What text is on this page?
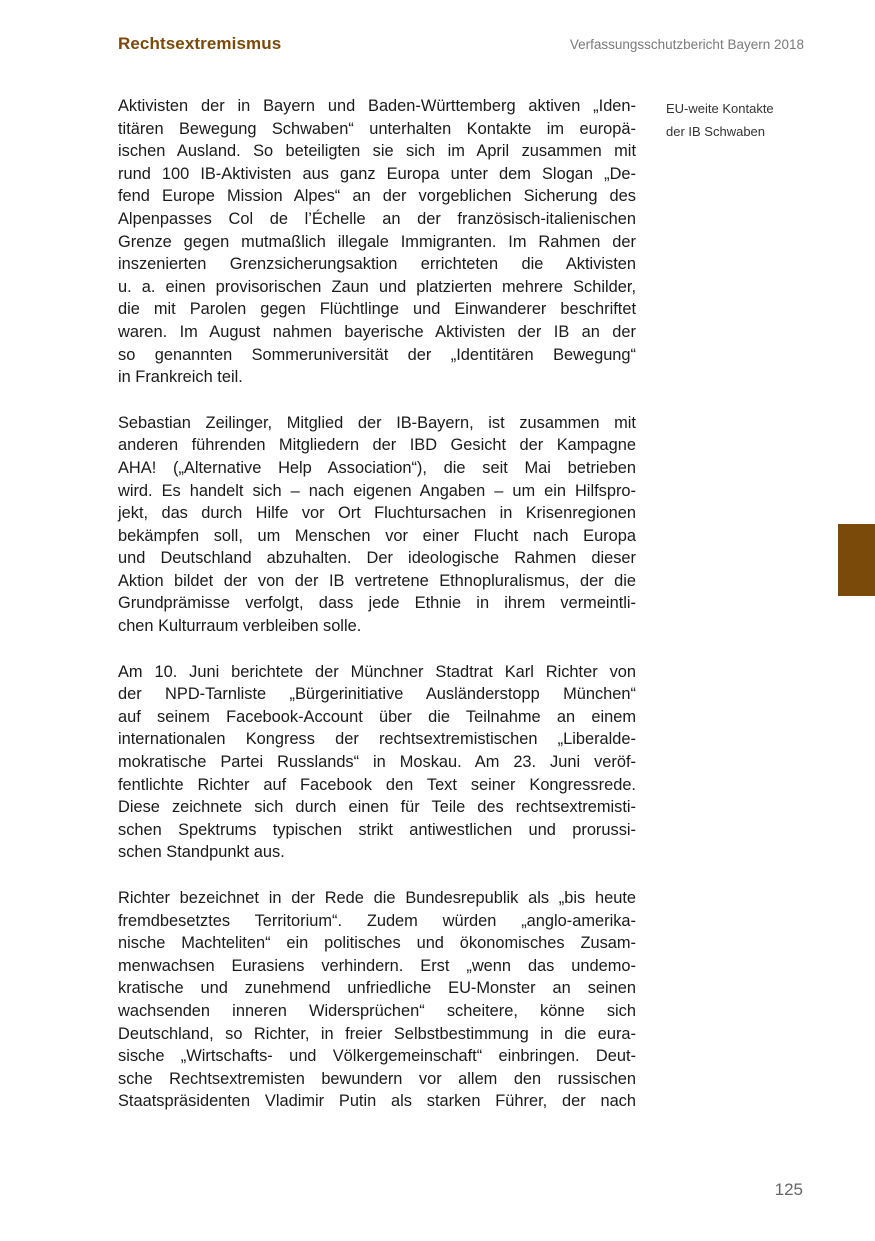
Rechtsextremismus	Verfassungsschutzbericht Bayern 2018
Aktivisten der in Bayern und Baden-Württemberg aktiven „Iden-
titären Bewegung Schwaben“ unterhalten Kontakte im europä-
ischen Ausland. So beteiligten sie sich im April zusammen mit
rund 100 IB-Aktivisten aus ganz Europa unter dem Slogan „De-
fend Europe Mission Alpes“ an der vorgeblichen Sicherung des
Alpenpasses Col de l’Échelle an der französisch-italienischen
Grenze gegen mutmaßlich illegale Immigranten. Im Rahmen der
inszenierten Grenzsicherungsaktion errichteten die Aktivisten
u. a. einen provisorischen Zaun und platzierten mehrere Schilder,
die mit Parolen gegen Flüchtlinge und Einwanderer beschriftet
waren. Im August nahmen bayerische Aktivisten der IB an der
so genannten Sommeruniversität der „Identitären Bewegung“
in Frankreich teil.
Sebastian Zeilinger, Mitglied der IB-Bayern, ist zusammen mit
anderen führenden Mitgliedern der IBD Gesicht der Kampagne
AHA! („Alternative Help Association“), die seit Mai betrieben
wird. Es handelt sich – nach eigenen Angaben – um ein Hilfspro-
jekt, das durch Hilfe vor Ort Fluchtursachen in Krisenregionen
bekämpfen soll, um Menschen vor einer Flucht nach Europa
und Deutschland abzuhalten. Der ideologische Rahmen dieser
Aktion bildet der von der IB vertretene Ethnopluralismus, der die
Grundprämisse verfolgt, dass jede Ethnie in ihrem vermeintli-
chen Kulturraum verbleiben solle.
Am 10. Juni berichtete der Münchner Stadtrat Karl Richter von
der NPD-Tarnliste „Bürgerinitiative Ausländerstopp München“
auf seinem Facebook-Account über die Teilnahme an einem
internationalen Kongress der rechtsextremistischen „Liberalde-
mokratische Partei Russlands“ in Moskau. Am 23. Juni veröf-
fentlichte Richter auf Facebook den Text seiner Kongressrede.
Diese zeichnete sich durch einen für Teile des rechtsextremisti-
schen Spektrums typischen strikt antiwestlichen und prorussi-
schen Standpunkt aus.
Richter bezeichnet in der Rede die Bundesrepublik als „bis heute
fremdbesetztes Territorium“. Zudem würden „anglo-amerika-
nische Machteliten“ ein politisches und ökonomisches Zusam-
menwachsen Eurasiens verhindern. Erst „wenn das undemo-
kratische und zunehmend unfriedliche EU-Monster an seinen
wachsenden inneren Widersprüchen“ scheitere, könne sich
Deutschland, so Richter, in freier Selbstbestimmung in die eura-
sische „Wirtschafts- und Völkergemeinschaft“ einbringen. Deut-
sche Rechtsextremisten bewundern vor allem den russischen
Staatspräsidenten Vladimir Putin als starken Führer, der nach
EU-weite Kontakte
der IB Schwaben
125
